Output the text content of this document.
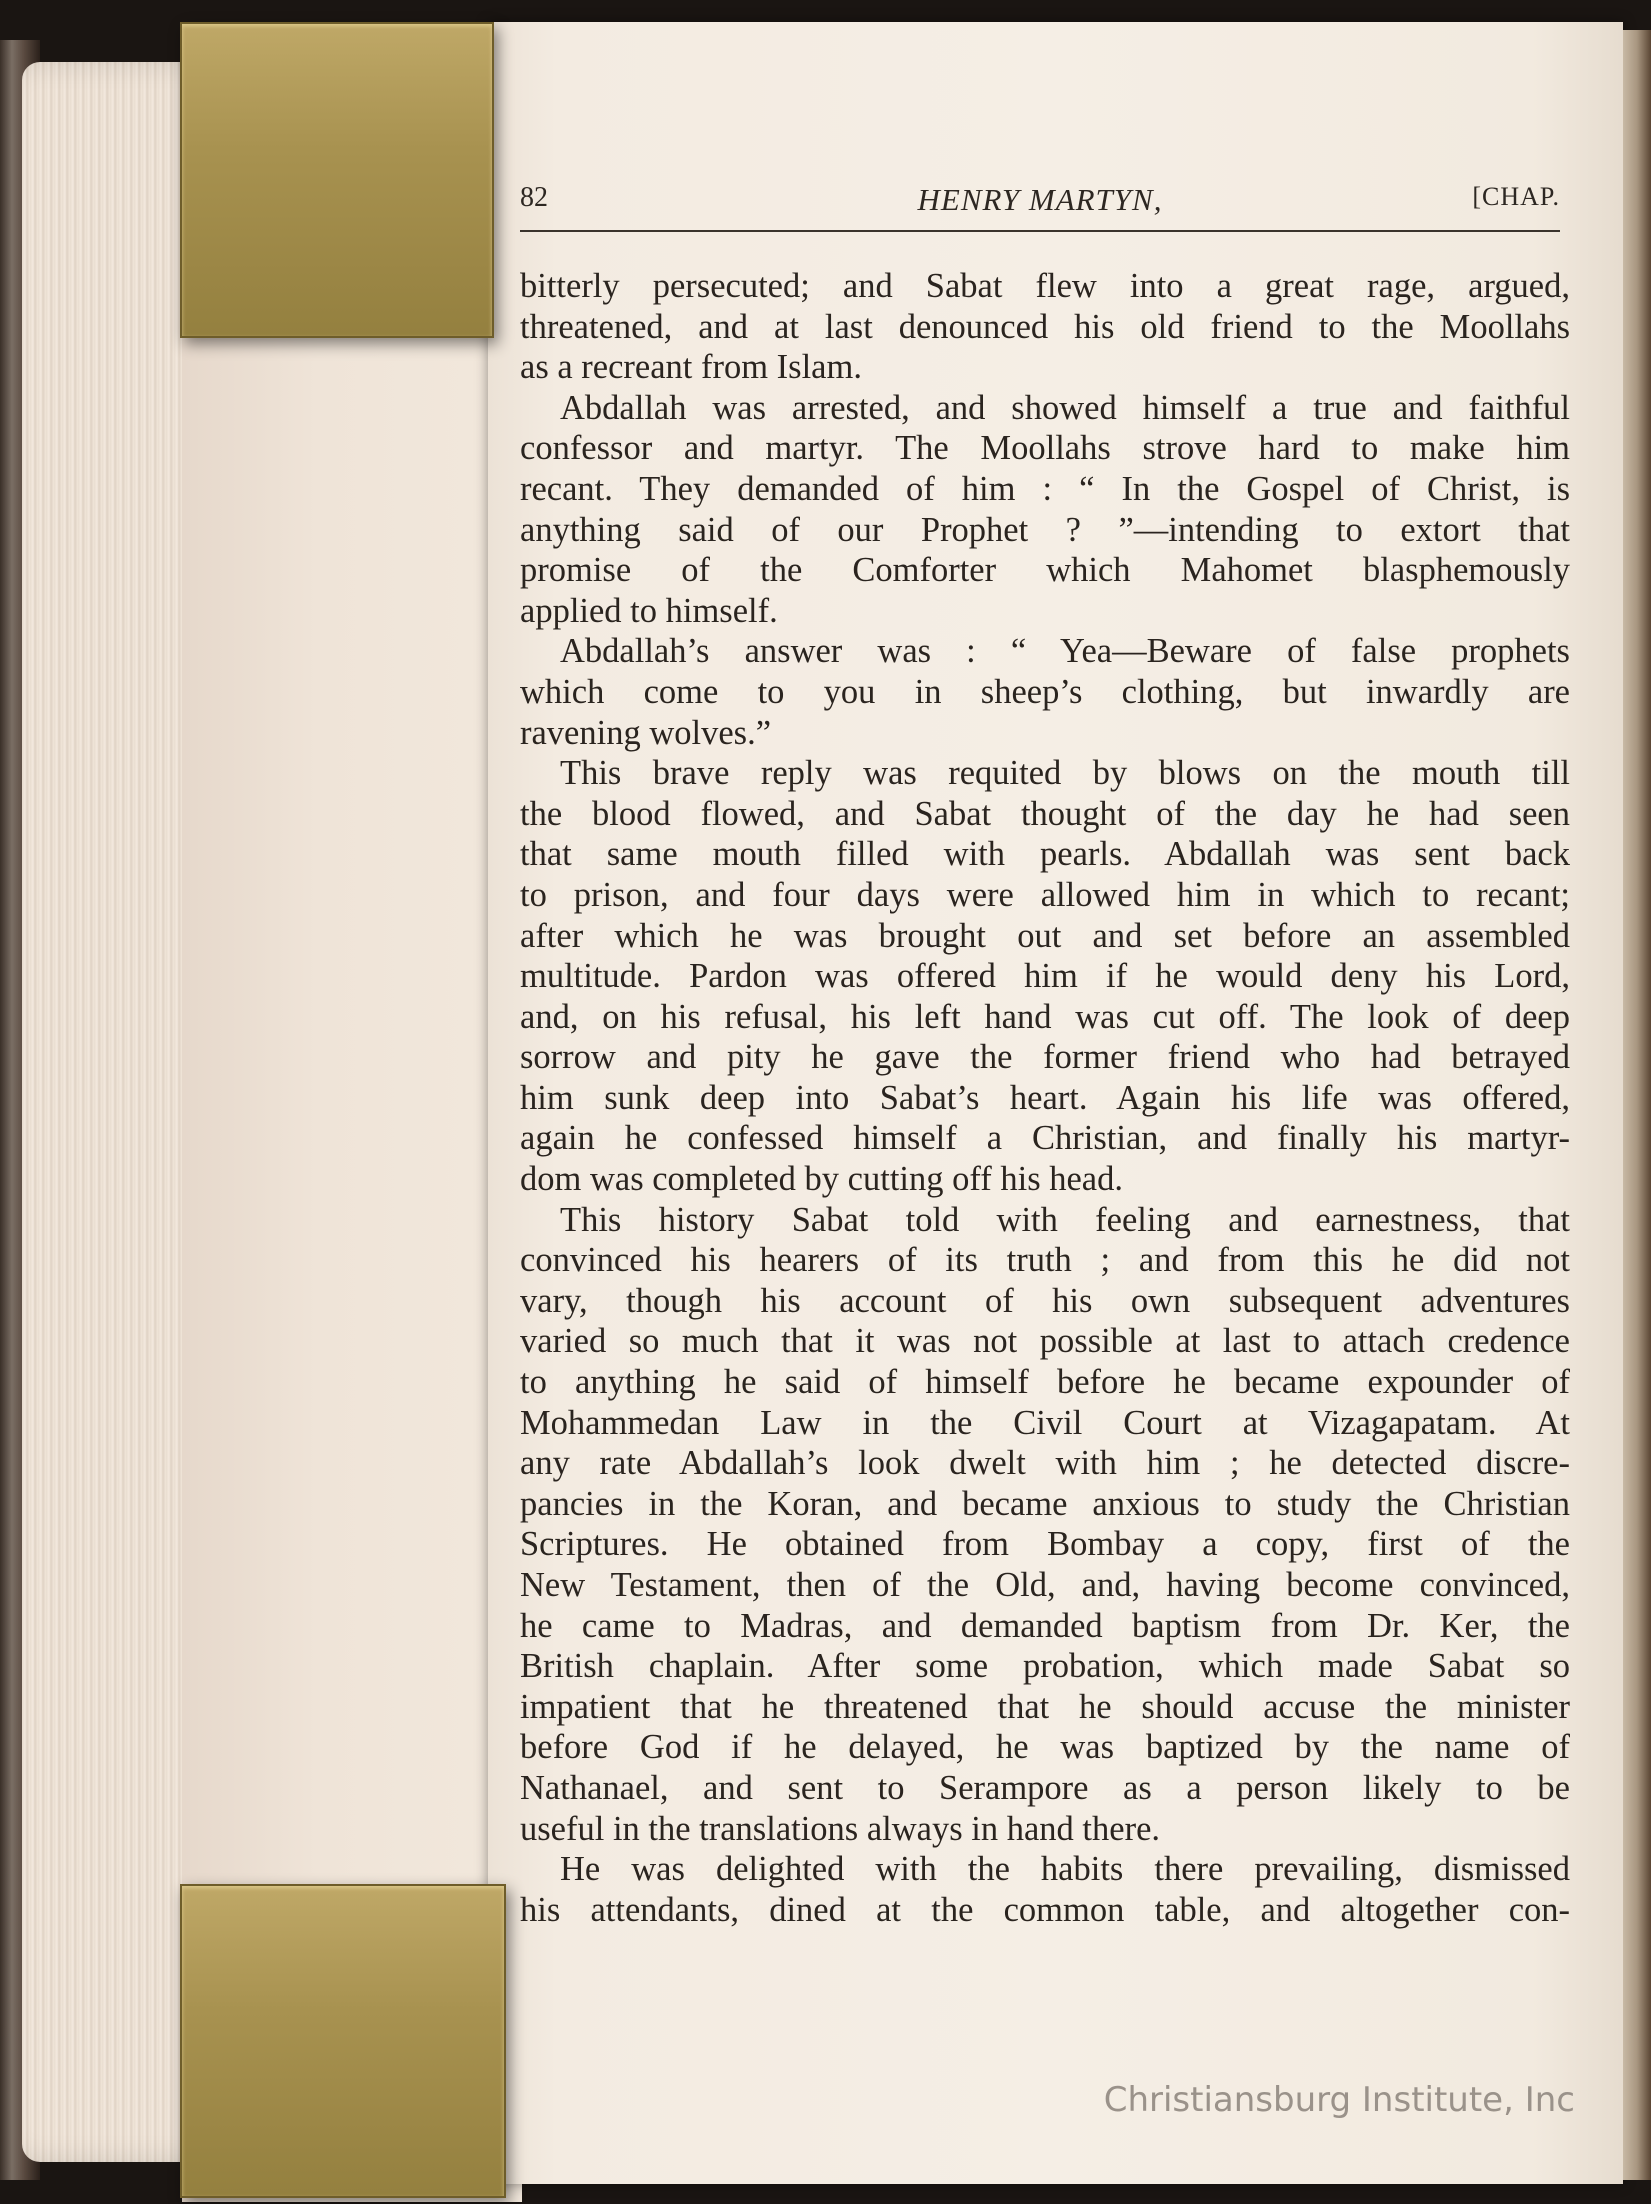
82	HENRY MARTYN,	[CHAP.
bitterly persecuted; and Sabat flew into a great rage, argued,
threatened, and at last denounced his old friend to the Moollahs
as a recreant from Islam.
Abdallah was arrested, and showed himself a true and faithful
confessor and martyr. The Moollahs strove hard to make him
recant. They demanded of him : “ In the Gospel of Christ, is
anything said of our Prophet ? ”—intending to extort that
promise of the Comforter which Mahomet blasphemously
applied to himself.
Abdallah’s answer was : “ Yea—Beware of false prophets
which come to you in sheep’s clothing, but inwardly are
ravening wolves.”
This brave reply was requited by blows on the mouth till
the blood flowed, and Sabat thought of the day he had seen
that same mouth filled with pearls. Abdallah was sent back
to prison, and four days were allowed him in which to recant;
after which he was brought out and set before an assembled
multitude. Pardon was offered him if he would deny his Lord,
and, on his refusal, his left hand was cut off. The look of deep
sorrow and pity he gave the former friend who had betrayed
him sunk deep into Sabat’s heart. Again his life was offered,
again he confessed himself a Christian, and finally his martyr-
dom was completed by cutting off his head.
This history Sabat told with feeling and earnestness, that
convinced his hearers of its truth ; and from this he did not
vary, though his account of his own subsequent adventures
varied so much that it was not possible at last to attach credence
to anything he said of himself before he became expounder of
Mohammedan Law in the Civil Court at Vizagapatam. At
any rate Abdallah’s look dwelt with him ; he detected discre-
pancies in the Koran, and became anxious to study the Christian
Scriptures. He obtained from Bombay a copy, first of the
New Testament, then of the Old, and, having become convinced,
he came to Madras, and demanded baptism from Dr. Ker, the
British chaplain. After some probation, which made Sabat so
impatient that he threatened that he should accuse the minister
before God if he delayed, he was baptized by the name of
Nathanael, and sent to Serampore as a person likely to be
useful in the translations always in hand there.
He was delighted with the habits there prevailing, dismissed
his attendants, dined at the common table, and altogether con-
Christiansburg Institute, Inc
